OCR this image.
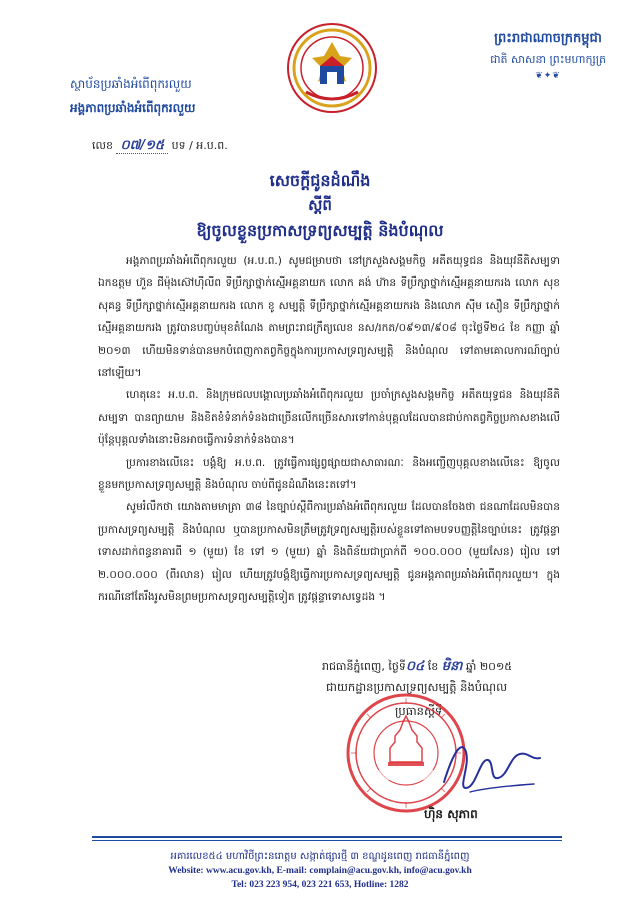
ព្រះរាជាណាចក្រកម្ពុជា
ជាតិ សាសនា ព្រះមហាក្សត្រ
❦✦❦
ស្ថាប័នប្រឆាំងអំពើពុករលួយ
អង្គភាពប្រឆាំងអំពើពុករលួយ
លេខ ០៧/១៥ បទ / អ.ប.ព.
សេចក្តីជូនដំណឹង
ស្តីពី
ឱ្យចូលខ្លួនប្រកាសទ្រព្យសម្បត្តិ និងបំណុល

អង្គភាពប្រឆាំងអំពើពុករលួយ (អ.ប.ព.) សូមជម្រាបថា នៅក្រសួងសង្គមកិច្ច អតីតយុទ្ធជន និងយុវនីតិសម្បទា ឯកឧត្តម ហ៊ួន ជីម៉ុងស៊ៅហ៊ីលីព ទីប្រឹក្សាថ្នាក់ស្មើអគ្គនាយក លោក គង់ ហ៊ាន ទីប្រឹក្សាថ្នាក់ស្មើអគ្គនាយករង លោក សុខ សុគន្ធ ទីប្រឹក្សាថ្នាក់ស្មើអគ្គនាយករង លោក ខូ សម្បត្តិ ទីប្រឹក្សាថ្នាក់ស្មើអគ្គនាយករង និងលោក ស៊ីម សឿន ទីប្រឹក្សាថ្នាក់ស្មើអគ្គនាយករង ត្រូវបានបញ្ចប់មុខតំណែង តាមព្រះរាជក្រឹត្យលេខ នស/រកត/០៩១៣/៩០៨ ចុះថ្ងៃទី២៤ ខែ កញ្ញា ឆ្នាំ ២០១៣ ហើយមិនទាន់បានមកបំពេញកាតព្វកិច្ចក្នុងការប្រកាសទ្រព្យសម្បត្តិ និងបំណុល ទៅតាមគោលការណ៍ច្បាប់នៅឡើយ។

ហេតុនេះ អ.ប.ព. និងក្រុមជលបង្គោលប្រឆាំងអំពើពុករលួយ ប្រចាំក្រសួងសង្គមកិច្ច អតីតយុទ្ធជន និងយុវនីតិសម្បទា បានព្យាយាម និងខិតខំទំនាក់ទំនងជាច្រើនលើកច្រើនសារទៅកាន់បុគ្គលដែលបានជាប់កាតព្វកិច្ចប្រកាសខាងលើ ប៉ុន្តែបុគ្គលទាំងនោះមិនអាចធ្វើការទំនាក់ទំនងបាន។

ប្រការខាងលើនេះ បង្គំឱ្យ អ.ប.ព. ត្រូវធ្វើការផ្សព្វផ្សាយជាសាធារណៈ និងអញ្ជើញបុគ្គលខាងលើនេះ ឱ្យចូលខ្លួនមកប្រកាសទ្រព្យសម្បត្តិ និងបំណុល ចាប់ពីជូនដំណឹងនេះតទៅ។

សូមរំលឹកថា យោងតាមមាត្រា ៣៨ នៃច្បាប់ស្តីពីការប្រឆាំងអំពើពុករលួយ ដែលបានចែងថា ជនណាដែលមិនបានប្រកាសទ្រព្យសម្បត្តិ និងបំណុល ឬបានប្រកាសមិនត្រឹមត្រូវទ្រព្យសម្បត្តិរបស់ខ្លួនទៅតាមបទបញ្ញត្តិនៃច្បាប់នេះ ត្រូវផ្តន្ទាទោសដាក់ពន្ធនាគារពី ១ (មួយ) ខែ ទៅ ១ (មួយ) ឆ្នាំ និងពិន័យជាប្រាក់ពី ១០០.០០០ (មួយសែន) រៀល ទៅ ២.០០០.០០០ (ពីរលាន) រៀល ហើយត្រូវបង្គំឱ្យធ្វើការប្រកាសទ្រព្យសម្បត្តិ ជូនអង្គភាពប្រឆាំងអំពើពុករលួយ។ ក្នុងករណីនៅតែរឹងរូសមិនព្រមប្រកាសទ្រព្យសម្បត្តិទៀត ត្រូវផ្តន្ទាទោសទ្វេដង ។

រាជធានីភ្នំពេញ, ថ្ងៃទី០៤ ខែ មិនា ឆ្នាំ ២០១៥
ជាយកដ្ឋានប្រកាសទ្រព្យសម្បត្តិ និងបំណុល
ប្រធានស្តីទី
ហ៊ិន សុភាព
អគារលេខ៥៤ មហាវិថីព្រះនរោត្តម សង្កាត់ផ្សារថ្មី ៣ ខណ្ឌដូនពេញ រាជធានីភ្នំពេញ
Website: www.acu.gov.kh, E-mail: complain@acu.gov.kh, info@acu.gov.kh
Tel: 023 223 954, 023 221 653, Hotline: 1282
